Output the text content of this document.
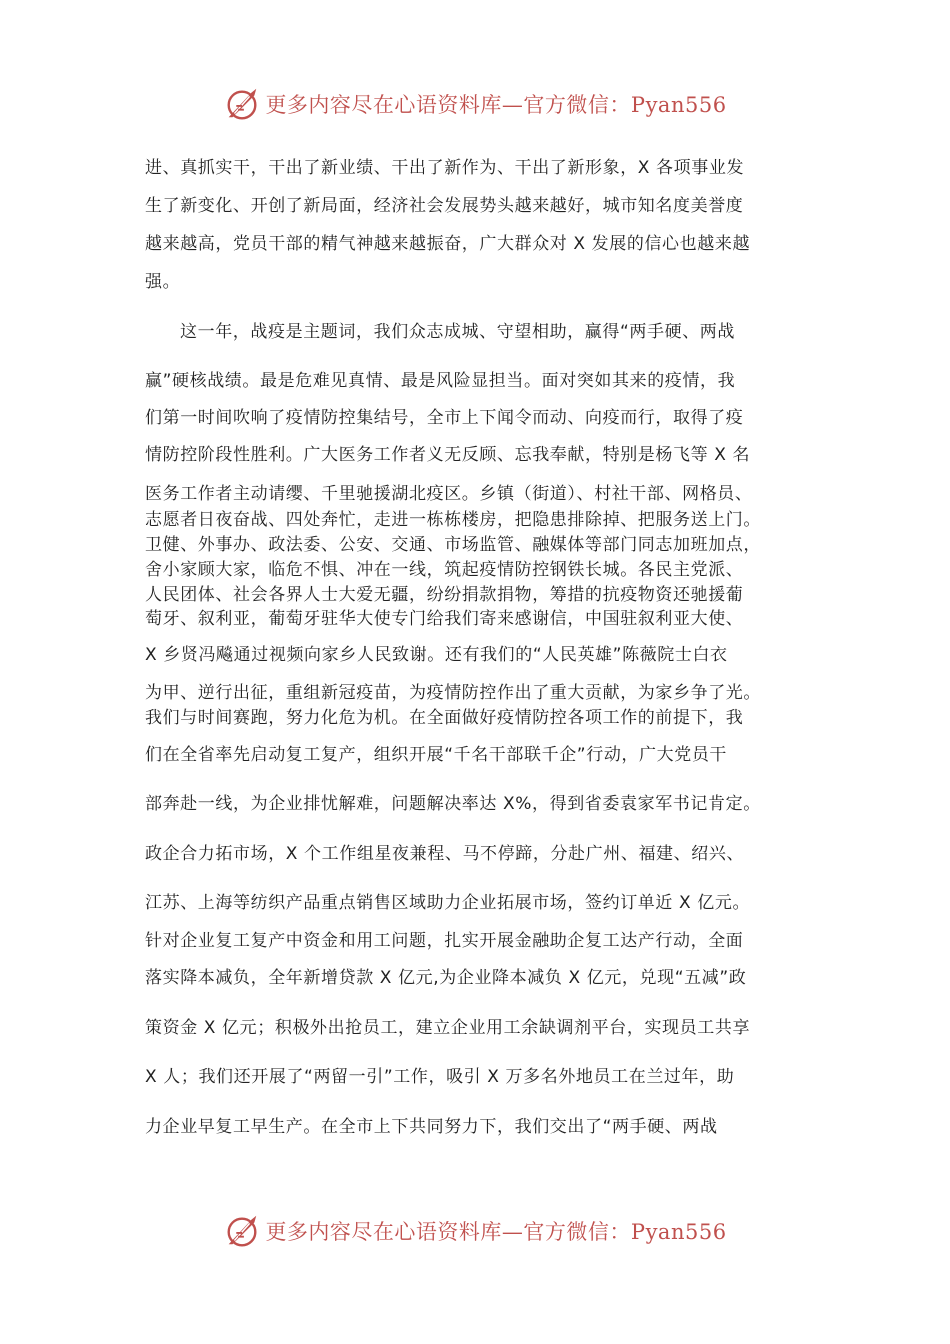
更多内容尽在心语资料库—官方微信：Pyan556
进、真抓实干，干出了新业绩、干出了新作为、干出了新形象，X 各项事业发
生了新变化、开创了新局面，经济社会发展势头越来越好，城市知名度美誉度
越来越高，党员干部的精气神越来越振奋，广大群众对 X 发展的信心也越来越
强。
这一年，战疫是主题词，我们众志成城、守望相助，赢得“两手硬、两战
赢”硬核战绩。最是危难见真情、最是风险显担当。面对突如其来的疫情，我
们第一时间吹响了疫情防控集结号，全市上下闻令而动、向疫而行，取得了疫
情防控阶段性胜利。广大医务工作者义无反顾、忘我奉献，特别是杨飞等 X 名
医务工作者主动请缨、千里驰援湖北疫区。乡镇（街道）、村社干部、网格员、
志愿者日夜奋战、四处奔忙，走进一栋栋楼房，把隐患排除掉、把服务送上门。
卫健、外事办、政法委、公安、交通、市场监管、融媒体等部门同志加班加点，
舍小家顾大家，临危不惧、冲在一线，筑起疫情防控钢铁长城。各民主党派、
人民团体、社会各界人士大爱无疆，纷纷捐款捐物，筹措的抗疫物资还驰援葡
萄牙、叙利亚，葡萄牙驻华大使专门给我们寄来感谢信，中国驻叙利亚大使、
X 乡贤冯飚通过视频向家乡人民致谢。还有我们的“人民英雄”陈薇院士白衣
为甲、逆行出征，重组新冠疫苗，为疫情防控作出了重大贡献，为家乡争了光。
我们与时间赛跑，努力化危为机。在全面做好疫情防控各项工作的前提下，我
们在全省率先启动复工复产，组织开展“千名干部联千企”行动，广大党员干
部奔赴一线，为企业排忧解难，问题解决率达 X%，得到省委袁家军书记肯定。
政企合力拓市场，X 个工作组星夜兼程、马不停蹄，分赴广州、福建、绍兴、
江苏、上海等纺织产品重点销售区域助力企业拓展市场，签约订单近 X 亿元。
针对企业复工复产中资金和用工问题，扎实开展金融助企复工达产行动，全面
落实降本减负，全年新增贷款 X 亿元,为企业降本减负 X 亿元，兑现“五减”政
策资金 X 亿元；积极外出抢员工，建立企业用工余缺调剂平台，实现员工共享
X 人；我们还开展了“两留一引”工作，吸引 X 万多名外地员工在兰过年，助
力企业早复工早生产。在全市上下共同努力下，我们交出了“两手硬、两战
更多内容尽在心语资料库—官方微信：Pyan556
